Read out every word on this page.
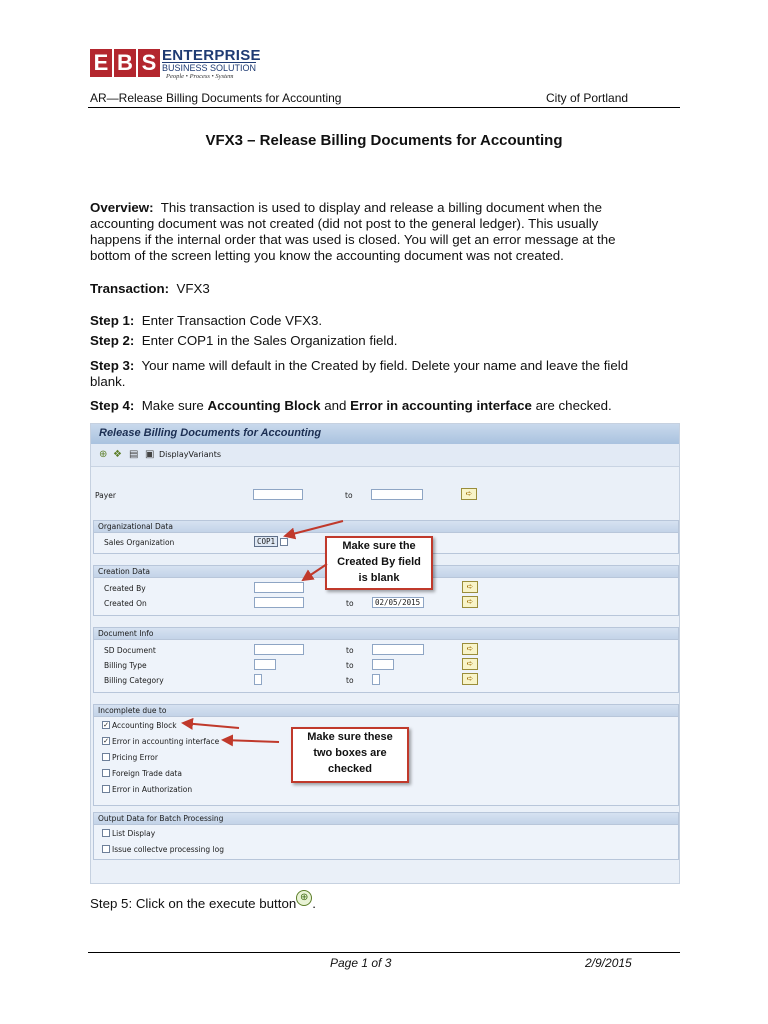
E B S ENTERPRISE
BUSINESS SOLUTION
People • Process • System
AR—Release Billing Documents for Accounting	City of Portland
VFX3 – Release Billing Documents for Accounting
Overview: This transaction is used to display and release a billing document when the
accounting document was not created (did not post to the general ledger). This usually
happens if the internal order that was used is closed. You will get an error message at the
bottom of the screen letting you know the accounting document was not created.
Transaction: VFX3
Step 1: Enter Transaction Code VFX3.
Step 2: Enter COP1 in the Sales Organization field.
Step 3: Your name will default in the Created by field. Delete your name and leave the field
blank.
Step 4: Make sure Accounting Block and Error in accounting interface are checked.
Release Billing Documents for Accounting
⊕ ❖ ▤ ▣ DisplayVariants
Payer	to	➪
Organizational Data
Sales Organization	COP1
Creation Data
Created By	➪
Created On	to	02/05/2015	➪
Document Info
SD Document	to	➪
Billing Type	to	➪
Billing Category	to	➪
Incomplete due to
✓ Accounting Block
✓ Error in accounting interface
Pricing Error
Foreign Trade data
Error in Authorization
Output Data for Batch Processing
List Display
Issue collectve processing log
Make sure the
Created By field
is blank
Make sure these
two boxes are
checked
Step 5: Click on the execute button ⊕ .
Page 1 of 3	2/9/2015
